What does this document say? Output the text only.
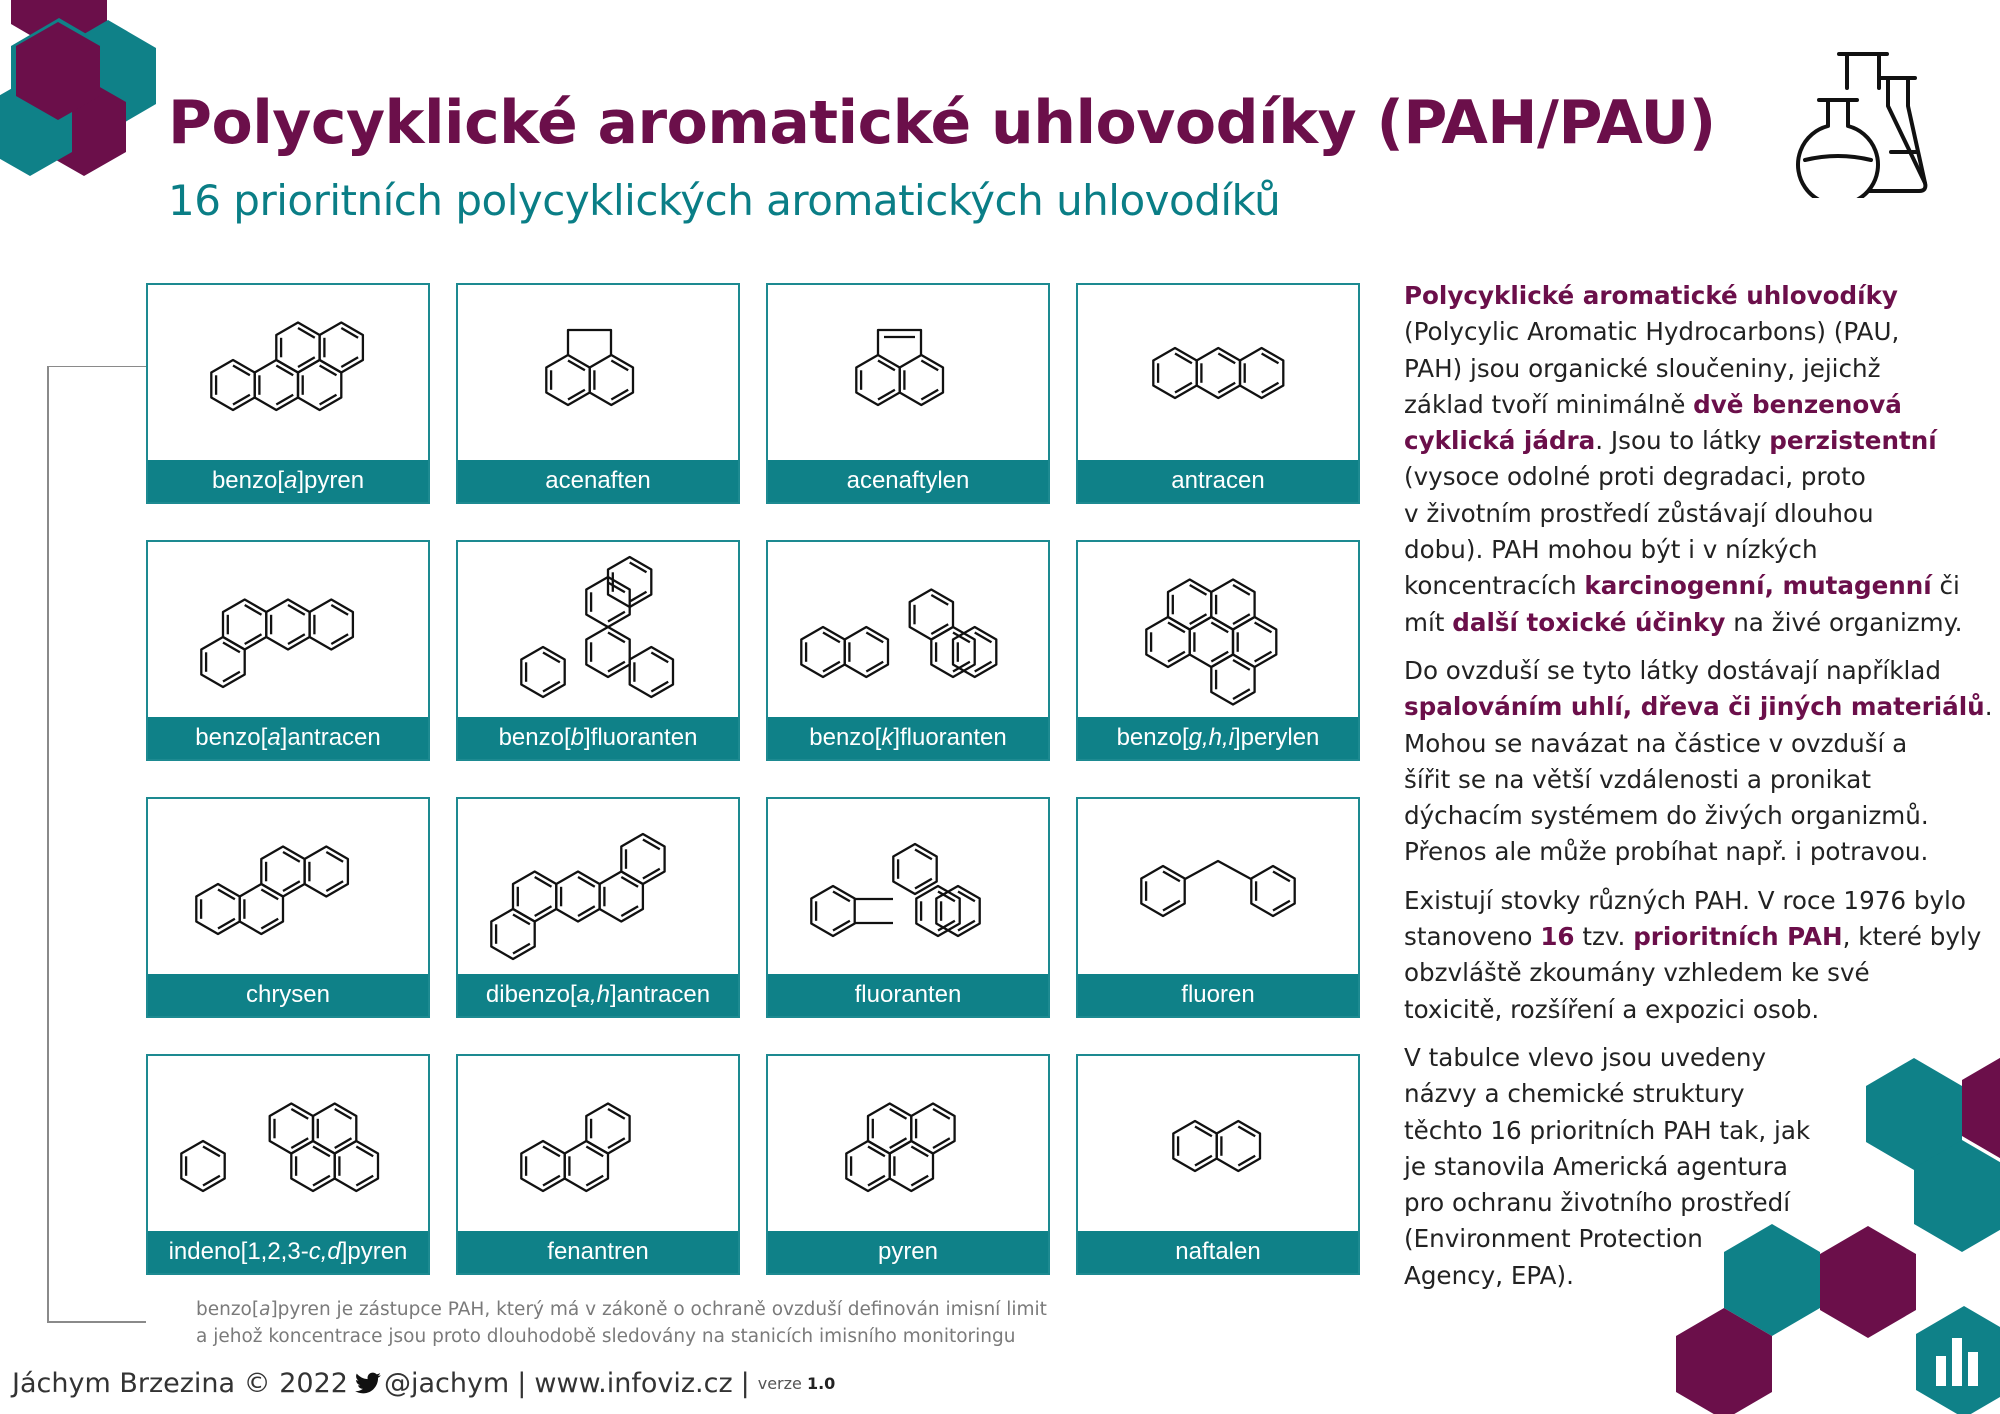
Polycyklické aromatické uhlovodíky (PAH/PAU)
16 prioritních polycyklických aromatických uhlovodíků
benzo[a]pyren	acenaften	acenaftylen	antracen
benzo[a]antracen	benzo[b]fluoranten	benzo[k]fluoranten	benzo[g,h,i]perylen
chrysen	dibenzo[a,h]antracen	fluoranten	fluoren
indeno[1,2,3-c,d]pyren	fenantren	pyren	naftalen

benzo[a]pyren je zástupce PAH, který má v zákoně o ochraně ovzduší definován imisní limit

a jehož koncentrace jsou proto dlouhodobě sledovány na stanicích imisního monitoringu

Jáchym Brzezina © 2022 @jachym | www.infoviz.cz | verze 1.0

Polycyklické aromatické uhlovodíky
(Polycylic Aromatic Hydrocarbons) (PAU,
PAH) jsou organické sloučeniny, jejichž
základ tvoří minimálně dvě benzenová
cyklická jádra. Jsou to látky perzistentní
(vysoce odolné proti degradaci, proto
v životním prostředí zůstávají dlouhou
dobu). PAH mohou být i v nízkých
koncentracích karcinogenní, mutagenní či
mít další toxické účinky na živé organizmy.

Do ovzduší se tyto látky dostávají například
spalováním uhlí, dřeva či jiných materiálů.
Mohou se navázat na částice v ovzduší a
šířit se na větší vzdálenosti a pronikat
dýchacím systémem do živých organizmů.
Přenos ale může probíhat např. i potravou.

Existují stovky různých PAH. V roce 1976 bylo
stanoveno 16 tzv. prioritních PAH, které byly
obzvláště zkoumány vzhledem ke své
toxicitě, rozšíření a expozici osob.

V tabulce vlevo jsou uvedeny
názvy a chemické struktury
těchto 16 prioritních PAH tak, jak
je stanovila Americká agentura
pro ochranu životního prostředí
(Environment Protection
Agency, EPA).
